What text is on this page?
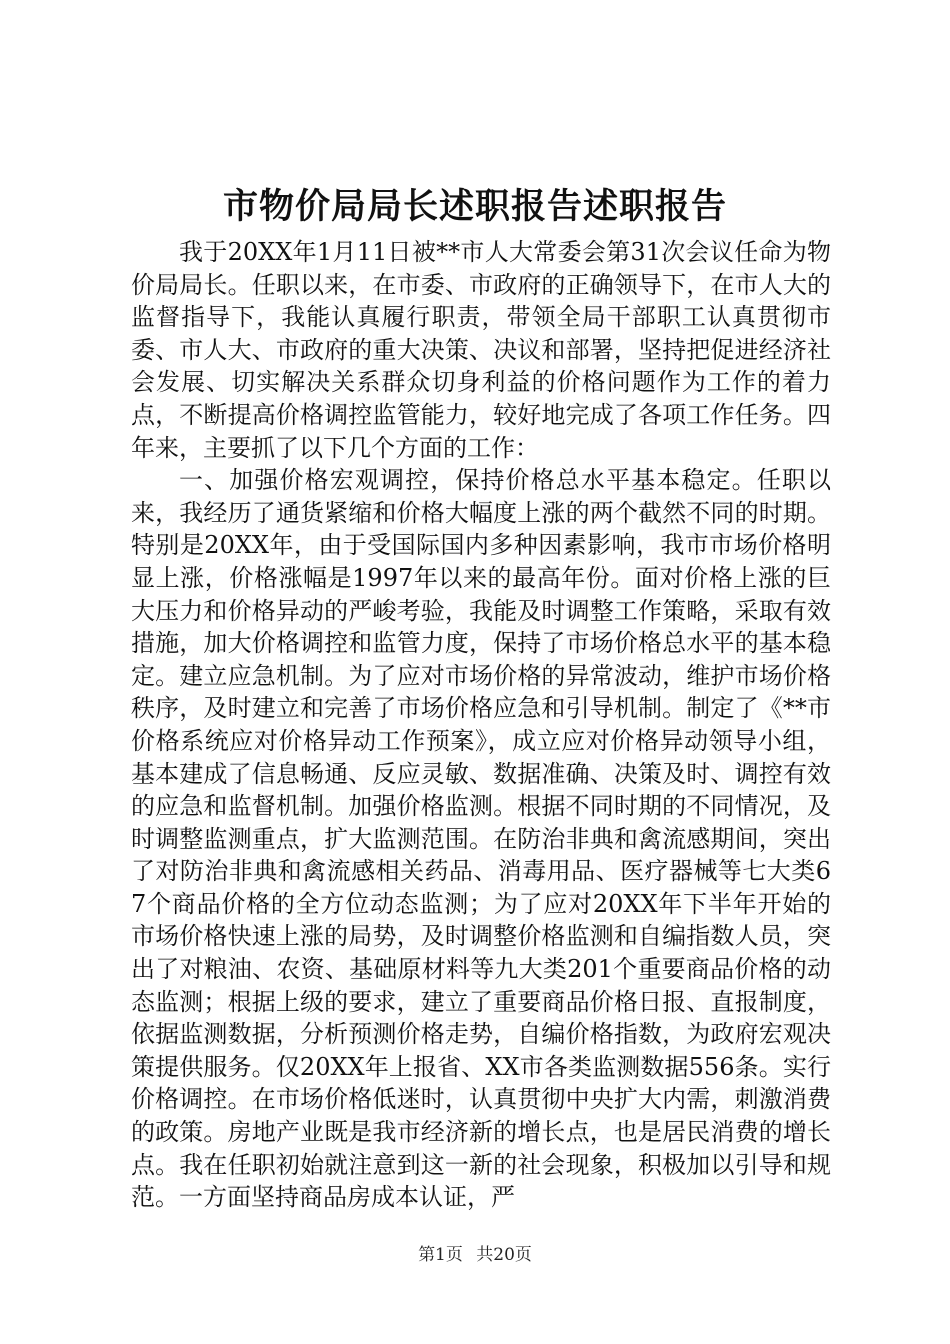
市物价局局长述职报告述职报告

我于20XX年1月11日被**市人大常委会第31次会议任命为物价局局长。任职以来，在市委、市政府的正确领导下，在市人大的监督指导下，我能认真履行职责，带领全局干部职工认真贯彻市委、市人大、市政府的重大决策、决议和部署，坚持把促进经济社会发展、切实解决关系群众切身利益的价格问题作为工作的着力点，不断提高价格调控监管能力，较好地完成了各项工作任务。四年来，主要抓了以下几个方面的工作：

一、加强价格宏观调控，保持价格总水平基本稳定。任职以来，我经历了通货紧缩和价格大幅度上涨的两个截然不同的时期。特别是20XX年，由于受国际国内多种因素影响，我市市场价格明显上涨，价格涨幅是1997年以来的最高年份。面对价格上涨的巨大压力和价格异动的严峻考验，我能及时调整工作策略，采取有效措施，加大价格调控和监管力度，保持了市场价格总水平的基本稳定。建立应急机制。为了应对市场价格的异常波动，维护市场价格秩序，及时建立和完善了市场价格应急和引导机制。制定了《**市价格系统应对价格异动工作预案》，成立应对价格异动领导小组，基本建成了信息畅通、反应灵敏、数据准确、决策及时、调控有效的应急和监督机制。加强价格监测。根据不同时期的不同情况，及时调整监测重点，扩大监测范围。在防治非典和禽流感期间，突出了对防治非典和禽流感相关药品、消毒用品、医疗器械等七大类67个商品价格的全方位动态监测；为了应对20XX年下半年开始的市场价格快速上涨的局势，及时调整价格监测和自编指数人员，突出了对粮油、农资、基础原材料等九大类201个重要商品价格的动态监测；根据上级的要求，建立了重要商品价格日报、直报制度，依据监测数据，分析预测价格走势，自编价格指数，为政府宏观决策提供服务。仅20XX年上报省、XX市各类监测数据556条。实行价格调控。在市场价格低迷时，认真贯彻中央扩大内需，刺激消费的政策。房地产业既是我市经济新的增长点，也是居民消费的增长点。我在任职初始就注意到这一新的社会现象，积极加以引导和规范。一方面坚持商品房成本认证，严

第1页 共20页
